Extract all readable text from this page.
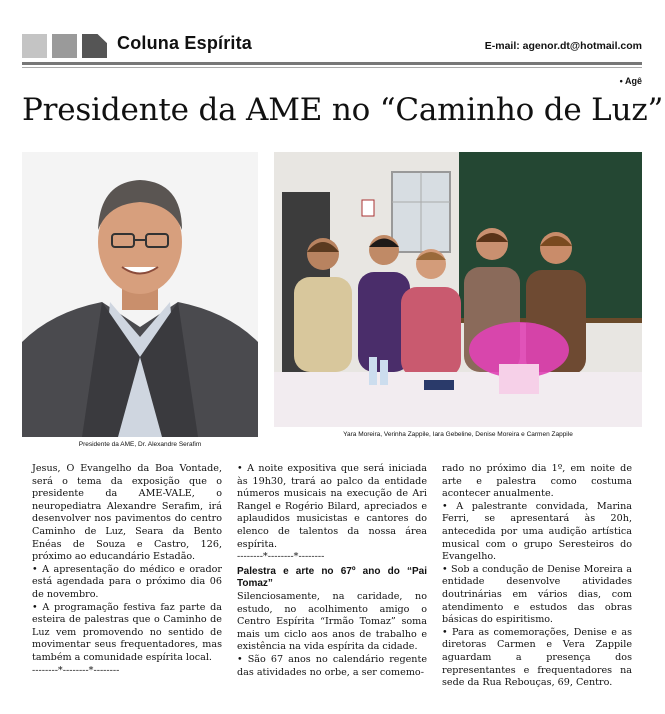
Coluna Espírita	E-mail: agenor.dt@hotmail.com
• Agê
Presidente da AME no “Caminho de Luz”
Presidente da AME, Dr. Alexandre Serafim
Yara Moreira, Verinha Zappile, Iara Gebeline, Denise Moreira e Carmen Zappile

Jesus, O Evangelho da Boa Vontade, será o tema da exposição que o presidente da AME-VALE, o neuropediatra Alexandre Serafim, irá desenvolver nos pavimentos do centro Caminho de Luz, Seara da Bento Enéas de Souza e Castro, 126, próximo ao educandário Estadão.

• A apresentação do médico e orador está agendada para o próximo dia 06 de novembro.

• A programação festiva faz parte da esteira de palestras que o Caminho de Luz vem promovendo no sentido de movimentar seus frequentadores, mas também a comunidade espírita local.

--------*--------*--------

• A noite expositiva que será iniciada às 19h30, trará ao palco da entidade números musicais na execução de Ari Rangel e Rogério Bilard, apreciados e aplaudidos musicistas e cantores do elenco de talentos da nossa área espírita.

--------*--------*--------

Palestra e arte no 67º ano do “Pai Tomaz”

Silenciosamente, na caridade, no estudo, no acolhimento amigo o Centro Espírita “Irmão Tomaz” soma mais um ciclo aos anos de trabalho e existência na vida espírita da cidade.

• São 67 anos no calendário regente das atividades no orbe, a ser comemo-

rado no próximo dia 1º, em noite de arte e palestra como costuma acontecer anualmente.

• A palestrante convidada, Marina Ferri, se apresentará às 20h, antecedida por uma audição artística musical com o grupo Seresteiros do Evangelho.

• Sob a condução de Denise Moreira a entidade desenvolve atividades doutrinárias em vários dias, com atendimento e estudos das obras básicas do espiritismo.

• Para as comemorações, Denise e as diretoras Carmen e Vera Zappile aguardam a presença dos representantes e frequentadores na sede da Rua Rebouças, 69, Centro.
